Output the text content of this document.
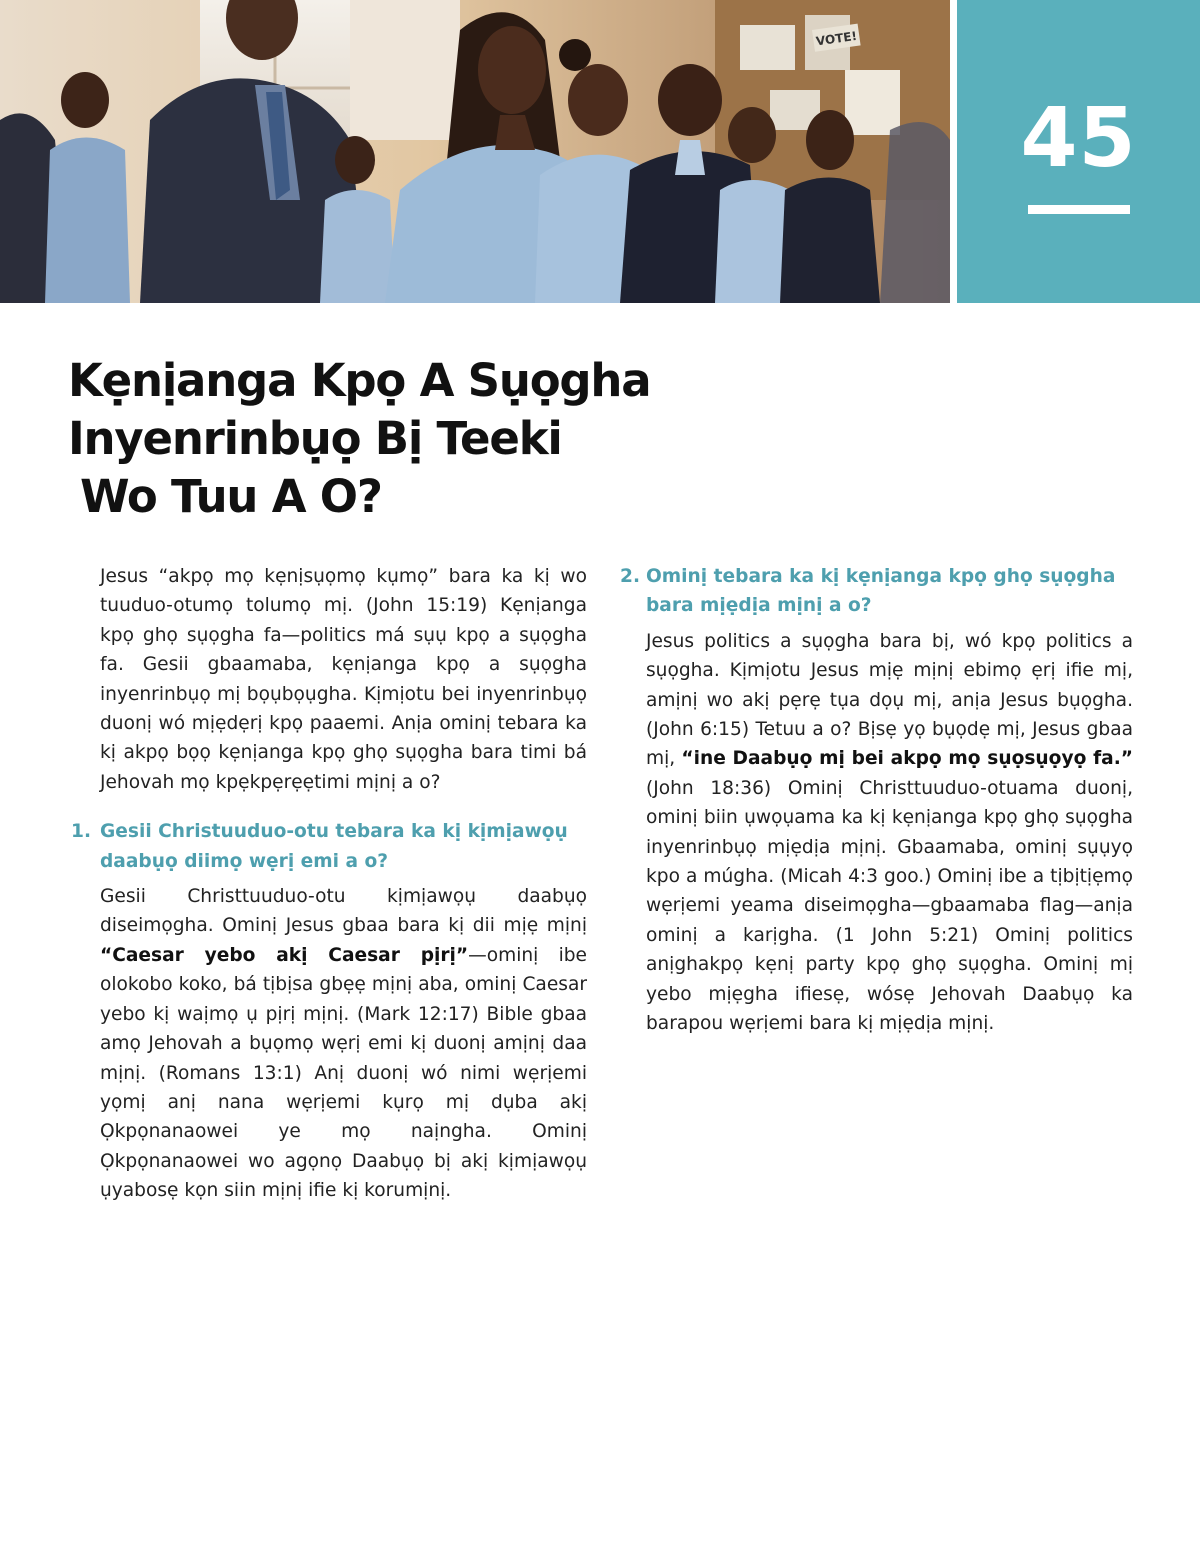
VOTE!
45
Kẹnịanga Kpọ A Sụọgha
Inyenrinbụọ Bị Teeki
Wo Tuu A O?

Jesus “akpọ mọ kẹnịsụọmọ kụmọ” bara ka kị wo tuuduo-otumọ tolumọ mị. (John 15:19) Kẹnịanga kpọ ghọ sụọgha fa—politics má sụụ kpọ a sụọgha fa. Gesii gbaamaba, kẹnịanga kpọ a sụọgha inyenrinbụọ mị bọụbọụgha. Kịmịotu bei inyenrinbụọ duonị wó mịẹdẹrị kpọ paaemi. Anịa ominị tebara ka kị akpọ bọọ kẹnịanga kpọ ghọ sụọgha bara timi bá Jehovah mọ kpẹkpẹrẹẹtimi mịnị a o?

1. Gesii Christuuduo-otu tebara ka kị kịmịawọụ daabụọ diimọ wẹrị emi a o?

Gesii Christtuuduo-otu kịmịawọụ daabụọ diseimọgha. Ominị Jesus gbaa bara kị dii mịẹ mịnị “Caesar yebo akị Caesar pịrị”—ominị ibe olokobo koko, bá tịbịsa gbẹẹ mịnị aba, ominị Caesar yebo kị waịmọ ụ pịrị mịnị. (Mark 12:17) Bible gbaa amọ Jehovah a bụọmọ wẹrị emi kị duonị amịnị daa mịnị. (Romans 13:1) Anị duonị wó nimi wẹrịemi yọmị anị nana wẹrịemi kụrọ mị dụba akị Ọkpọnanaowei ye mọ naịngha. Ominị Ọkpọnanaowei wo agọnọ Daabụọ bị akị kịmịawọụ ụyabosẹ kọn siin mịnị ifie kị korumịnị.

2. Ominị tebara ka kị kẹnịanga kpọ ghọ sụọgha bara mịẹdịa mịnị a o?

Jesus politics a sụọgha bara bị, wó kpọ politics a sụọgha. Kịmịotu Jesus mịẹ mịnị ebimọ ẹrị ifie mị, amịnị wo akị pẹrẹ tụa dọụ mị, anịa Jesus bụọgha. (John 6:15) Tetuu a o? Bịsẹ yọ bụọdẹ mị, Jesus gbaa mị, “ine Daabụọ mị bei akpọ mọ sụọsụọyọ fa.” (John 18:36) Ominị Christtuuduo-otuama duonị, ominị biin ụwọụama ka kị kẹnịanga kpọ ghọ sụọgha inyenrinbụọ mịẹdịa mịnị. Gbaamaba, ominị sụụyọ kpo a múgha. (Micah 4:3 goo.) Ominị ibe a tịbịtịẹmọ wẹrịemi yeama diseimọgha—gbaamaba flag—anịa ominị a karịgha. (1 John 5:21) Ominị politics anịghakpọ kẹnị party kpọ ghọ sụọgha. Ominị mị yebo mịẹgha ifiesẹ, wósẹ Jehovah Daabụọ ka barapou wẹrịemi bara kị mịẹdịa mịnị.
